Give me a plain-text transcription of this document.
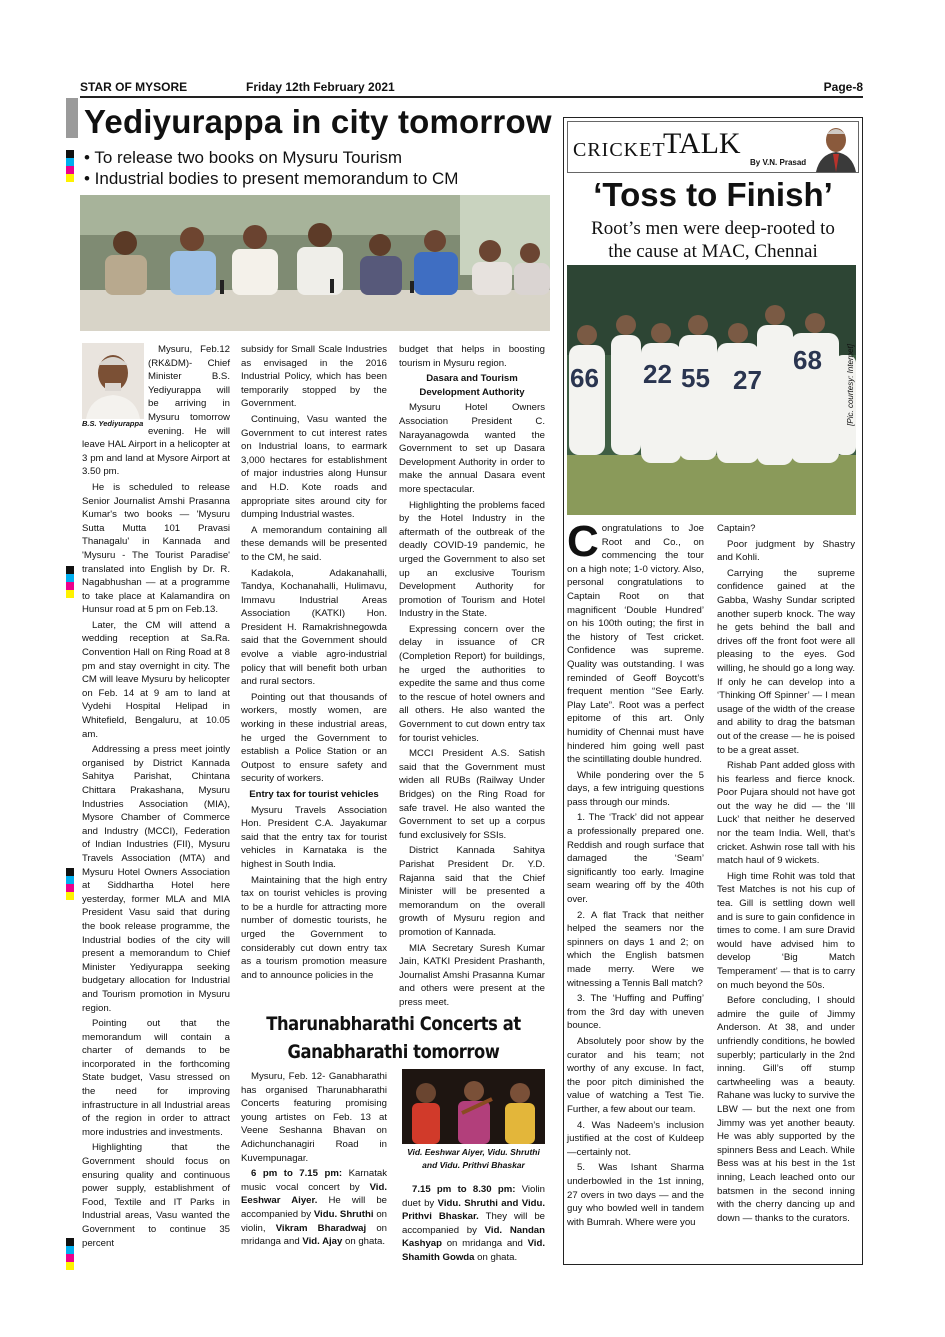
STAR OF MYSORE	Friday 12th February 2021	Page-8
Yediyurappa in city tomorrow
• To release two books on Mysuru Tourism
• Industrial bodies to present memorandum to CM
B.S. Yediyurappa

Mysuru, Feb.12 (RK&DM)- Chief Minister B.S. Yediyurappa will be arriving in Mysuru tomorrow evening. He will leave HAL Airport in a helicopter at 3 pm and land at Mysore Airport at 3.50 pm.

He is scheduled to release Senior Journalist Amshi Prasanna Kumar's two books — 'Mysuru Sutta Mutta 101 Pravasi Thanagalu' in Kannada and 'Mysuru - The Tourist Paradise' translated into English by Dr. R. Nagabhushan — at a programme to take place at Kalamandira on Hunsur road at 5 pm on Feb.13.

Later, the CM will attend a wedding reception at Sa.Ra. Convention Hall on Ring Road at 8 pm and stay overnight in city. The CM will leave Mysuru by helicopter on Feb. 14 at 9 am to land at Vydehi Hospital Helipad in Whitefield, Bengaluru, at 10.05 am.

Addressing a press meet jointly organised by District Kannada Sahitya Parishat, Chintana Chittara Prakashana, Mysuru Industries Association (MIA), Mysore Chamber of Commerce and Industry (MCCI), Federation of Indian Industries (FII), Mysuru Travels Association (MTA) and Mysuru Hotel Owners Association at Siddhartha Hotel here yesterday, former MLA and MIA President Vasu said that during the book release programme, the Industrial bodies of the city will present a memorandum to Chief Minister Yediyurappa seeking budgetary allocation for Industrial and Tourism promotion in Mysuru region.

Pointing out that the memorandum will contain a charter of demands to be incorporated in the forthcoming State budget, Vasu stressed on the need for improving infrastructure in all Industrial areas of the region in order to attract more industries and investments.

Highlighting that the Government should focus on ensuring quality and continuous power supply, establishment of Food, Textile and IT Parks in Industrial areas, Vasu wanted the Government to continue 35 percent

subsidy for Small Scale Industries as envisaged in the 2016 Industrial Policy, which has been temporarily stopped by the Government.

Continuing, Vasu wanted the Government to cut interest rates on Industrial loans, to earmark 3,000 hectares for establishment of major industries along Hunsur and H.D. Kote roads and appropriate sites around city for dumping Industrial wastes.

A memorandum containing all these demands will be presented to the CM, he said.

Kadakola, Adakanahalli, Tandya, Kochanahalli, Hulimavu, Immavu Industrial Areas Association (KATKI) Hon. President H. Ramakrishnegowda said that the Government should evolve a viable agro-industrial policy that will benefit both urban and rural sectors.

Pointing out that thousands of workers, mostly women, are working in these industrial areas, he urged the Government to establish a Police Station or an Outpost to ensure safety and security of workers.

Entry tax for tourist vehicles

Mysuru Travels Association Hon. President C.A. Jayakumar said that the entry tax for tourist vehicles in Karnataka is the highest in South India.

Maintaining that the high entry tax on tourist vehicles is proving to be a hurdle for attracting more number of domestic tourists, he urged the Government to considerably cut down entry tax as a tourism promotion measure and to announce policies in the

budget that helps in boosting tourism in Mysuru region.

Dasara and Tourism Development Authority

Mysuru Hotel Owners Association President C. Narayanagowda wanted the Government to set up Dasara Development Authority in order to make the annual Dasara event more spectacular.

Highlighting the problems faced by the Hotel Industry in the aftermath of the outbreak of the deadly COVID-19 pandemic, he urged the Government to also set up an exclusive Tourism Development Authority for promotion of Tourism and Hotel Industry in the State.

Expressing concern over the delay in issuance of CR (Completion Report) for buildings, he urged the authorities to expedite the same and thus come to the rescue of hotel owners and all others. He also wanted the Government to cut down entry tax for tourist vehicles.

MCCI President A.S. Satish said that the Government must widen all RUBs (Railway Under Bridges) on the Ring Road for safe travel. He also wanted the Government to set up a corpus fund exclusively for SSIs.

District Kannada Sahitya Parishat President Dr. Y.D. Rajanna said that the Chief Minister will be presented a memorandum on the overall growth of Mysuru region and promotion of Kannada.

MIA Secretary Suresh Kumar Jain, KATKI President Prashanth, Journalist Amshi Prasanna Kumar and others were present at the press meet.

Tharunabharathi Concerts at
Ganabharathi tomorrow

Mysuru, Feb. 12- Ganabharathi has organised Tharunabharathi Concerts featuring promising young artistes on Feb. 13 at Veene Seshanna Bhavan on Adichunchanagiri Road in Kuvempunagar.

6 pm to 7.15 pm: Karnatak music vocal concert by Vid. Eeshwar Aiyer. He will be accompanied by Vidu. Shruthi on violin, Vikram Bharadwaj on mridanga and Vid. Ajay on ghata.

Vid. Eeshwar Aiyer, Vidu. Shruthi and Vidu. Prithvi Bhaskar

7.15 pm to 8.30 pm: Violin duet by Vidu. Shruthi and Vidu. Prithvi Bhaskar. They will be accompanied by Vid. Nandan Kashyap on mridanga and Vid. Shamith Gowda on ghata.

CRICKET
TALK
By V.N. Prasad
‘Toss to Finish’
Root’s men were deep-rooted to
the cause at MAC, Chennai
66 22 55 27
68	[Pic. courtesy: Internet]

Congratulations to Joe Root and Co., on commencing the tour on a high note; 1-0 victory. Also, personal congratulations to Captain Root on that magnificent ‘Double Hundred’ on his 100th outing; the first in the history of Test cricket. Confidence was supreme. Quality was outstanding. I was reminded of Geoff Boycott’s frequent mention “See Early. Play Late”. Root was a perfect epitome of this art. Only humidity of Chennai must have hindered him going well past the scintillating double hundred.

While pondering over the 5 days, a few intriguing questions pass through our minds.

1. The ‘Track’ did not appear a professionally prepared one. Reddish and rough surface that damaged the ‘Seam’ significantly too early. Imagine seam wearing off by the 40th over.

2. A flat Track that neither helped the seamers nor the spinners on days 1 and 2; on which the English batsmen made merry. Were we witnessing a Tennis Ball match?

3. The ‘Huffing and Puffing’ from the 3rd day with uneven bounce.

Absolutely poor show by the curator and his team; not worthy of any excuse. In fact, the poor pitch diminished the value of watching a Test Tie. Further, a few about our team.

4. Was Nadeem’s inclusion justified at the cost of Kuldeep —certainly not.

5. Was Ishant Sharma underbowled in the 1st inning, 27 overs in two days — and the guy who bowled well in tandem with Bumrah. Where were you

Captain?

Poor judgment by Shastry and Kohli.

Carrying the supreme confidence gained at the Gabba, Washy Sundar scripted another superb knock. The way he gets behind the ball and drives off the front foot were all pleasing to the eyes. God willing, he should go a long way. If only he can develop into a ‘Thinking Off Spinner’ — I mean usage of the width of the crease and ability to drag the batsman out of the crease — he is poised to be a great asset.

Rishab Pant added gloss with his fearless and fierce knock. Poor Pujara should not have got out the way he did — the ‘Ill Luck’ that neither he deserved nor the team India. Well, that’s cricket. Ashwin rose tall with his match haul of 9 wickets.

High time Rohit was told that Test Matches is not his cup of tea. Gill is settling down well and is sure to gain confidence in times to come. I am sure Dravid would have advised him to develop ‘Big Match Temperament’ — that is to carry on much beyond the 50s.

Before concluding, I should admire the guile of Jimmy Anderson. At 38, and under unfriendly conditions, he bowled superbly; particularly in the 2nd inning. Gill’s off stump cartwheeling was a beauty. Rahane was lucky to survive the LBW — but the next one from Jimmy was yet another beauty. He was ably supported by the spinners Bess and Leach. While Bess was at his best in the 1st inning, Leach leached onto our batsmen in the second inning with the cherry dancing up and down — thanks to the curators.
